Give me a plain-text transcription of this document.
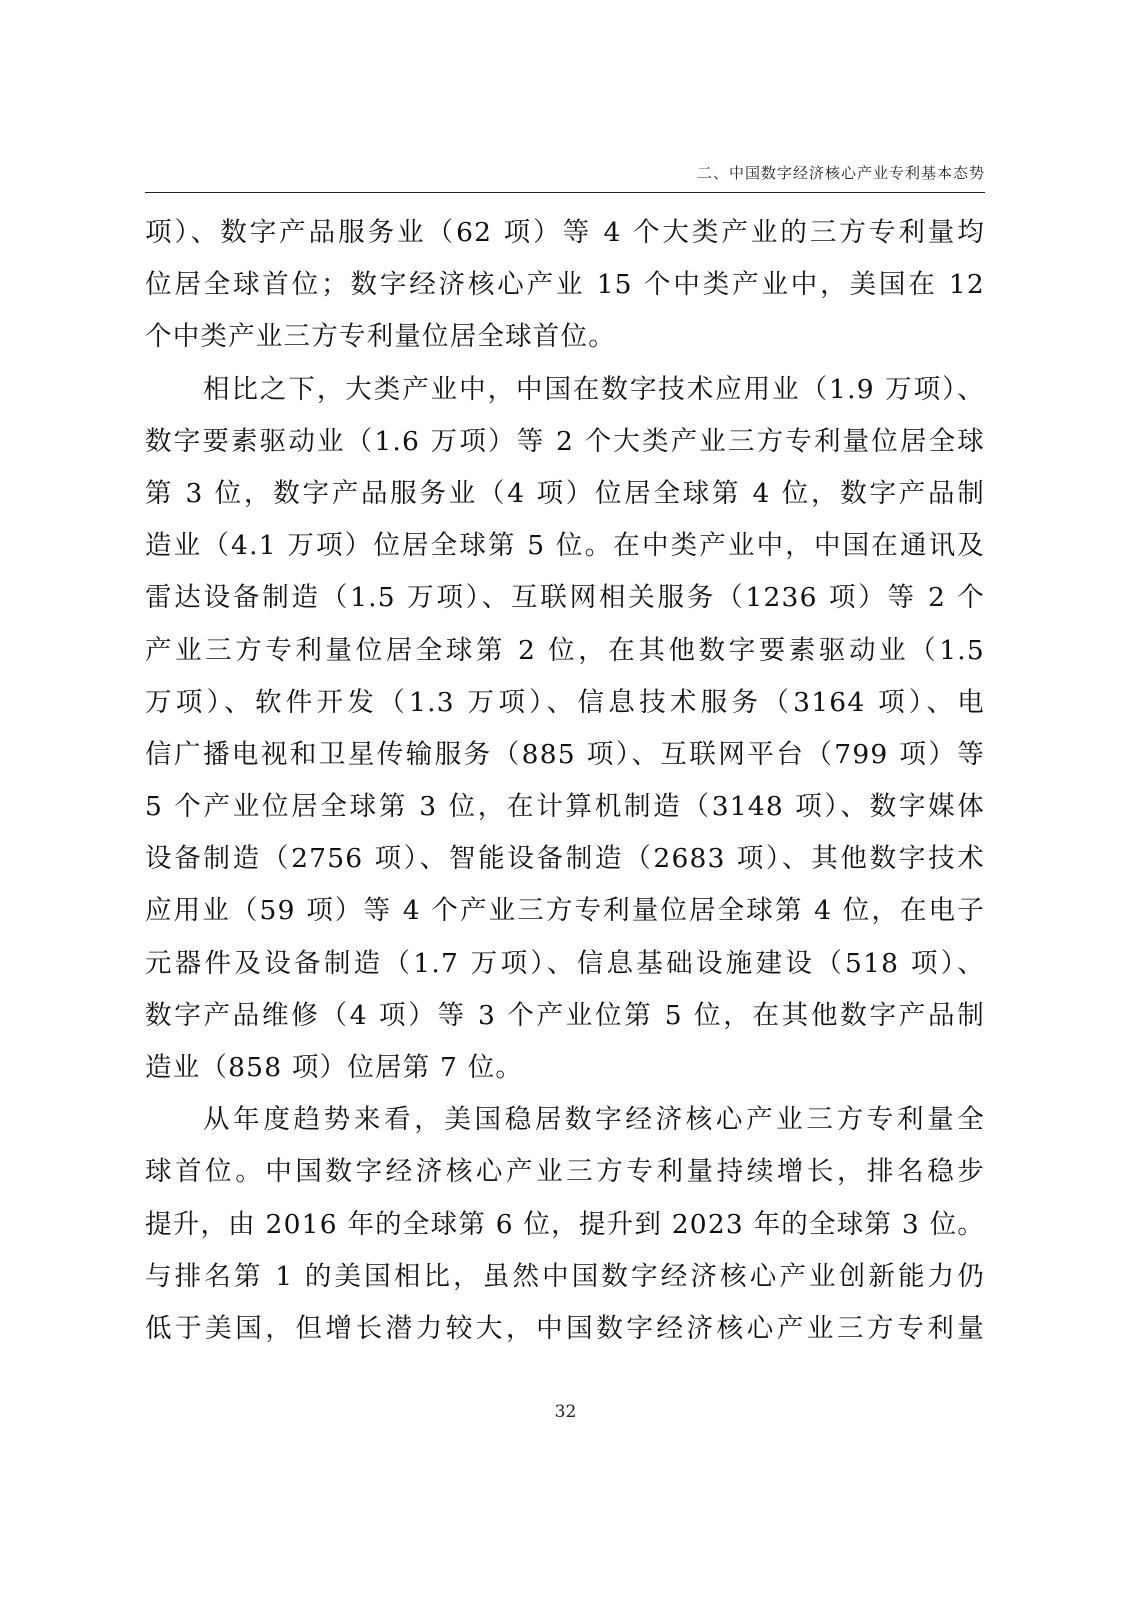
二、中国数字经济核心产业专利基本态势
项）、数字产品服务业（62 项）等 4 个大类产业的三方专利量均
位居全球首位；数字经济核心产业 15 个中类产业中，美国在 12
个中类产业三方专利量位居全球首位。
相比之下，大类产业中，中国在数字技术应用业（1.9 万项）、
数字要素驱动业（1.6 万项）等 2 个大类产业三方专利量位居全球
第 3 位，数字产品服务业（4 项）位居全球第 4 位，数字产品制
造业（4.1 万项）位居全球第 5 位。在中类产业中，中国在通讯及
雷达设备制造（1.5 万项）、互联网相关服务（1236 项）等 2 个
产业三方专利量位居全球第 2 位，在其他数字要素驱动业（1.5
万项）、软件开发（1.3 万项）、信息技术服务（3164 项）、电
信广播电视和卫星传输服务（885 项）、互联网平台（799 项）等
5 个产业位居全球第 3 位，在计算机制造（3148 项）、数字媒体
设备制造（2756 项）、智能设备制造（2683 项）、其他数字技术
应用业（59 项）等 4 个产业三方专利量位居全球第 4 位，在电子
元器件及设备制造（1.7 万项）、信息基础设施建设（518 项）、
数字产品维修（4 项）等 3 个产业位第 5 位，在其他数字产品制
造业（858 项）位居第 7 位。
从年度趋势来看，美国稳居数字经济核心产业三方专利量全
球首位。中国数字经济核心产业三方专利量持续增长，排名稳步
提升，由 2016 年的全球第 6 位，提升到 2023 年的全球第 3 位。
与排名第 1 的美国相比，虽然中国数字经济核心产业创新能力仍
低于美国，但增长潜力较大，中国数字经济核心产业三方专利量
32
